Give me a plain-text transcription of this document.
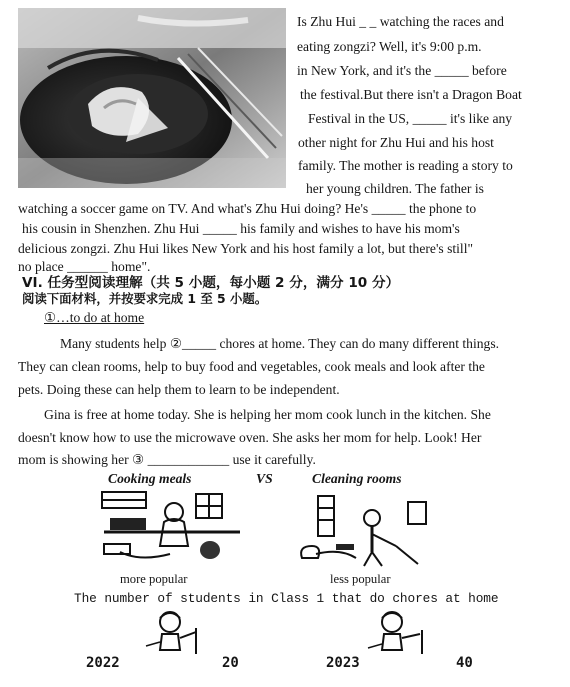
Is Zhu Hui _ _ watching the races and
eating zongzi? Well, it's 9:00 p.m.
in New York, and it's the _____ before
the festival.But there isn't a Dragon Boat
Festival in the US, _____ it's like any
other night for Zhu Hui and his host
family. The mother is reading a story to
her young children. The father is
watching a soccer game on TV. And what's Zhu Hui doing? He's _____ the phone to
his cousin in Shenzhen. Zhu Hui _____ his family and wishes to have his mom's
delicious zongzi. Zhu Hui likes New York and his host family a lot, but there's still"
no place ______ home".
VI. 任务型阅读理解（共 5 小题，每小题 2 分，满分 10 分）
阅读下面材料，并按要求完成 1 至 5 小题。
①…to do at home
Many students help ②_____ chores at home. They can do many different things.
They can clean rooms, help to buy food and vegetables, cook meals and look after the
pets. Doing these can help them to learn to be independent.
Gina is free at home today. She is helping her mom cook lunch in the kitchen. She
doesn't know how to use the microwave oven. She asks her mom for help. Look! Her
mom is showing her ③ ____________ use it carefully.
Cooking meals	VS	Cleaning rooms
more popular	less popular
The number of students in Class 1 that do chores at home
2022	20	2023	40
